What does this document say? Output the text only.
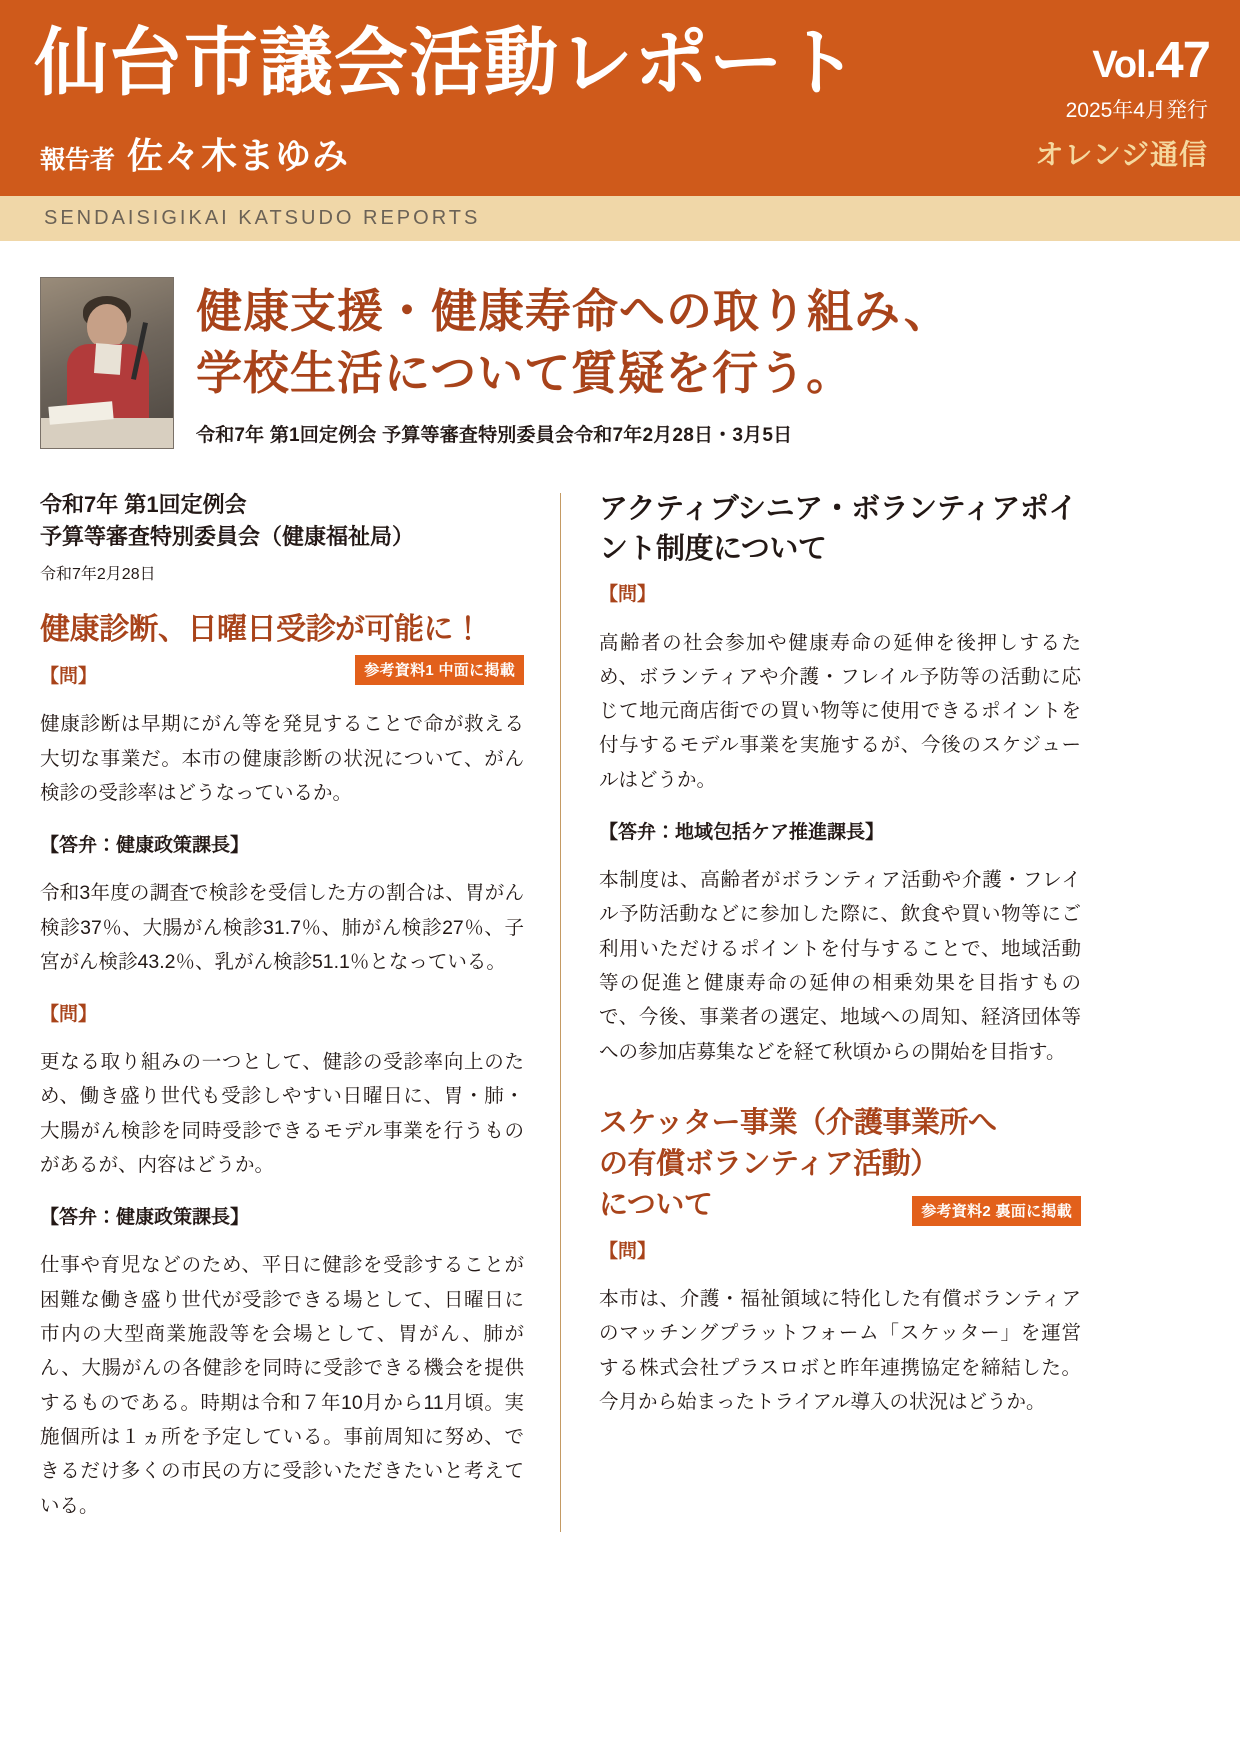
仙台市議会活動レポート
報告者 佐々木まゆみ
Vol.47
2025年4月発行
オレンジ通信
SENDAISIGIKAI KATSUDO REPORTS
健康支援・健康寿命への取り組み、
学校生活について質疑を行う。
令和7年 第1回定例会 予算等審査特別委員会令和7年2月28日・3月5日
令和7年 第1回定例会
予算等審査特別委員会（健康福祉局）
令和7年2月28日
健康診断、日曜日受診が可能に！
参考資料1 中面に掲載
【問】

健康診断は早期にがん等を発見することで命が救える大切な事業だ。本市の健康診断の状況について、がん検診の受診率はどうなっているか。

【答弁：健康政策課長】

令和3年度の調査で検診を受信した方の割合は、胃がん検診37％、大腸がん検診31.7％、肺がん検診27％、子宮がん検診43.2％、乳がん検診51.1％となっている。

【問】

更なる取り組みの一つとして、健診の受診率向上のため、働き盛り世代も受診しやすい日曜日に、胃・肺・大腸がん検診を同時受診できるモデル事業を行うものがあるが、内容はどうか。

【答弁：健康政策課長】

仕事や育児などのため、平日に健診を受診することが困難な働き盛り世代が受診できる場として、日曜日に市内の大型商業施設等を会場として、胃がん、肺がん、大腸がんの各健診を同時に受診できる機会を提供するものである。時期は令和７年10月から11月頃。実施個所は１ヵ所を予定している。事前周知に努め、できるだけ多くの市民の方に受診いただきたいと考えている。

アクティブシニア・ボランティアポイント制度について
【問】

高齢者の社会参加や健康寿命の延伸を後押しするため、ボランティアや介護・フレイル予防等の活動に応じて地元商店街での買い物等に使用できるポイントを付与するモデル事業を実施するが、今後のスケジュールはどうか。

【答弁：地域包括ケア推進課長】

本制度は、高齢者がボランティア活動や介護・フレイル予防活動などに参加した際に、飲食や買い物等にご利用いただけるポイントを付与することで、地域活動等の促進と健康寿命の延伸の相乗効果を目指すもので、今後、事業者の選定、地域への周知、経済団体等への参加店募集などを経て秋頃からの開始を目指す。

スケッター事業（介護事業所へ
の有償ボランティア活動）
について	参考資料2 裏面に掲載
【問】

本市は、介護・福祉領域に特化した有償ボランティアのマッチングプラットフォーム「スケッター」を運営する株式会社プラスロボと昨年連携協定を締結した。今月から始まったトライアル導入の状況はどうか。
